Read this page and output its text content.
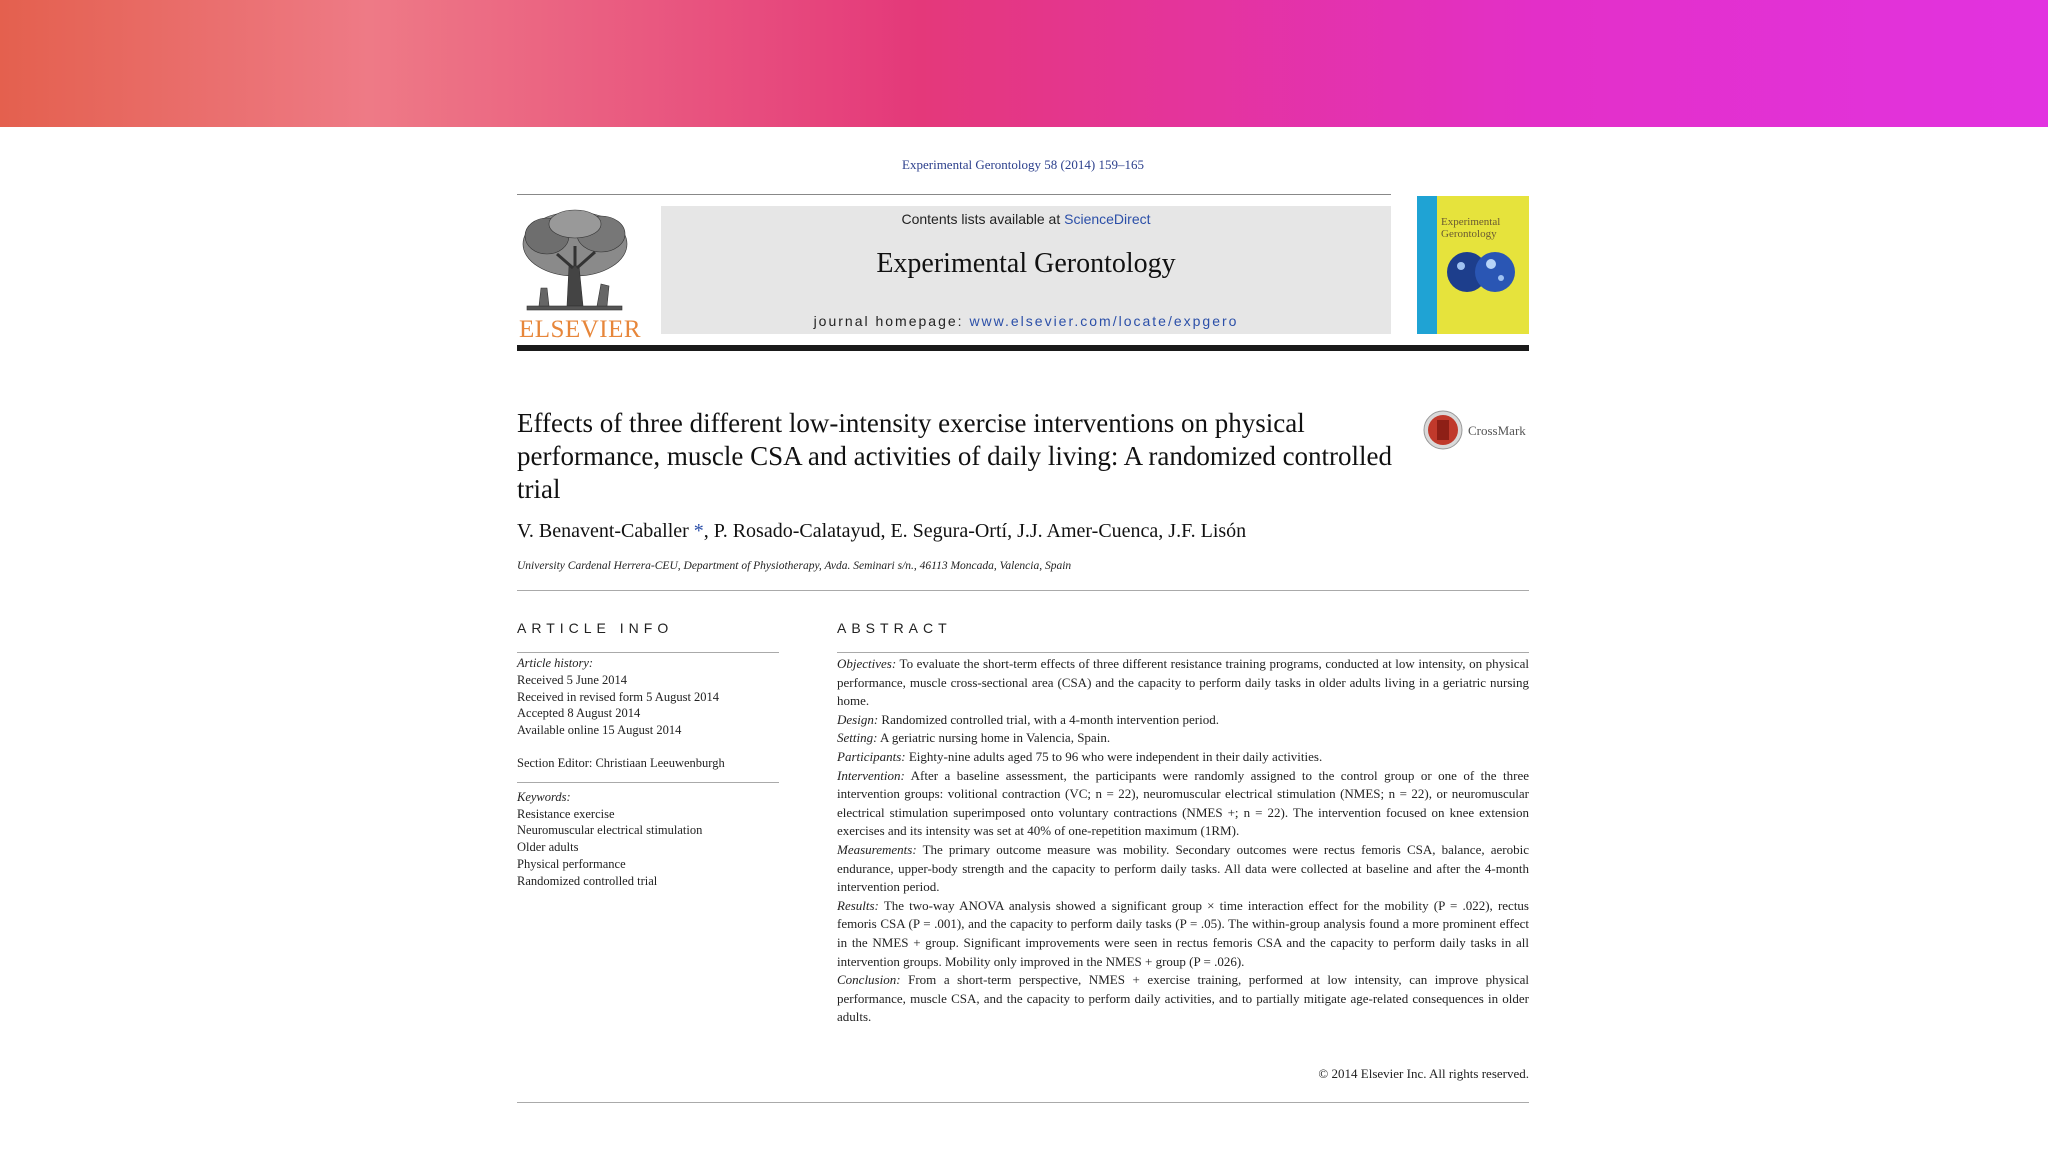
Experimental Gerontology 58 (2014) 159–165
ELSEVIER
Contents lists available at ScienceDirect
Experimental Gerontology
journal homepage: www.elsevier.com/locate/expgero
Experimental Gerontology
Effects of three different low-intensity exercise interventions on physical performance, muscle CSA and activities of daily living: A randomized controlled trial
CrossMark
V. Benavent-Caballer *, P. Rosado-Calatayud, E. Segura-Ortí, J.J. Amer-Cuenca, J.F. Lisón
University Cardenal Herrera-CEU, Department of Physiotherapy, Avda. Seminari s/n., 46113 Moncada, Valencia, Spain
ARTICLE INFO	ABSTRACT
Article history:
Received 5 June 2014
Received in revised form 5 August 2014
Accepted 8 August 2014
Available online 15 August 2014
Section Editor: Christiaan Leeuwenburgh
Keywords:
Resistance exercise
Neuromuscular electrical stimulation
Older adults
Physical performance
Randomized controlled trial

Objectives: To evaluate the short-term effects of three different resistance training programs, conducted at low intensity, on physical performance, muscle cross-sectional area (CSA) and the capacity to perform daily tasks in older adults living in a geriatric nursing home.

Design: Randomized controlled trial, with a 4-month intervention period.

Setting: A geriatric nursing home in Valencia, Spain.

Participants: Eighty-nine adults aged 75 to 96 who were independent in their daily activities.

Intervention: After a baseline assessment, the participants were randomly assigned to the control group or one of the three intervention groups: volitional contraction (VC; n = 22), neuromuscular electrical stimulation (NMES; n = 22), or neuromuscular electrical stimulation superimposed onto voluntary contractions (NMES +; n = 22). The intervention focused on knee extension exercises and its intensity was set at 40% of one-repetition maximum (1RM).

Measurements: The primary outcome measure was mobility. Secondary outcomes were rectus femoris CSA, balance, aerobic endurance, upper-body strength and the capacity to perform daily tasks. All data were collected at baseline and after the 4-month intervention period.

Results: The two-way ANOVA analysis showed a significant group × time interaction effect for the mobility (P = .022), rectus femoris CSA (P = .001), and the capacity to perform daily tasks (P = .05). The within-group analysis found a more prominent effect in the NMES + group. Significant improvements were seen in rectus femoris CSA and the capacity to perform daily tasks in all intervention groups. Mobility only improved in the NMES + group (P = .026).

Conclusion: From a short-term perspective, NMES + exercise training, performed at low intensity, can improve physical performance, muscle CSA, and the capacity to perform daily activities, and to partially mitigate age-related consequences in older adults.

© 2014 Elsevier Inc. All rights reserved.
